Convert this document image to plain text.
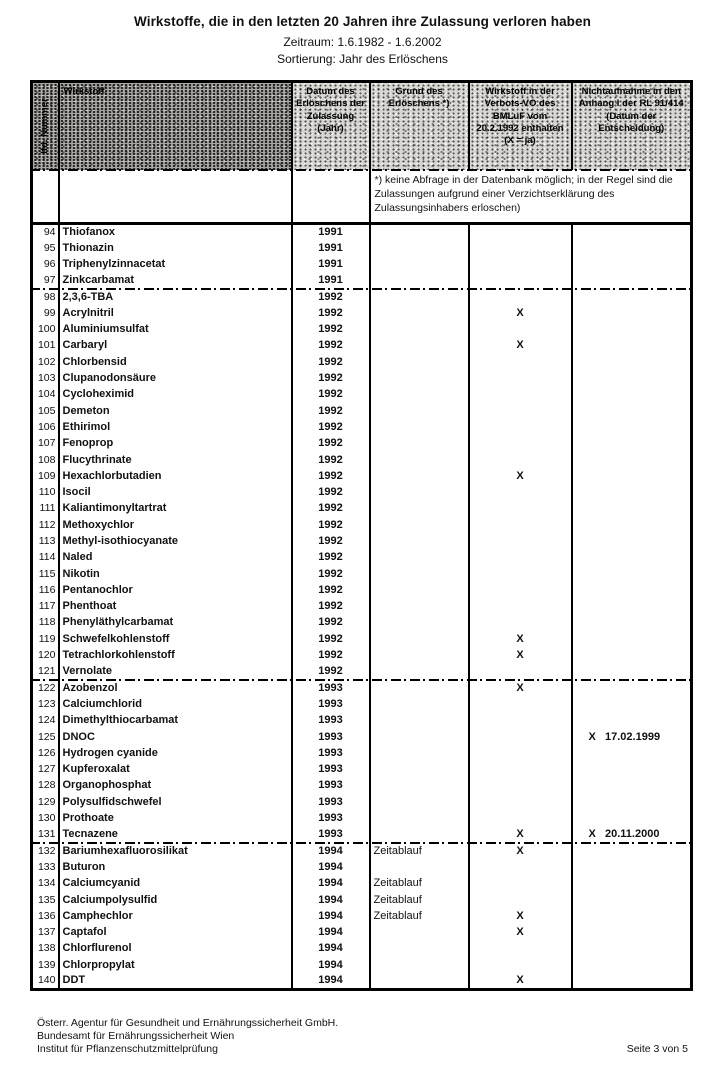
Wirkstoffe, die in den letzten 20 Jahren ihre Zulassung verloren haben
Zeitraum: 1.6.1982 - 1.6.2002
Sortierung: Jahr des Erlöschens
lfd. Nummer	Wirkstoff	Datum des Erlöschens der Zulassung (Jahr)	Grund des Erlöschens *)	Wirkstoff in der Verbots-VO des BMLuF vom 20.2.1992 enthalten (X = ja)	Nichtaufnahme in den Anhang I der RL 91/414 (Datum der Entscheidung)
			*) keine Abfrage in der Datenbank möglich; in der Regel sind die Zulassungen aufgrund einer Verzichtserklärung des Zulassungsinhabers erloschen)		
94	Thiofanox	1991			
95	Thionazin	1991			
96	Triphenylzinnacetat	1991			
97	Zinkcarbamat	1991			
98	2,3,6-TBA	1992			
99	Acrylnitril	1992		X	
100	Aluminiumsulfat	1992			
101	Carbaryl	1992		X	
102	Chlorbensid	1992			
103	Clupanodonsäure	1992			
104	Cycloheximid	1992			
105	Demeton	1992			
106	Ethirimol	1992			
107	Fenoprop	1992			
108	Flucythrinate	1992			
109	Hexachlorbutadien	1992		X	
110	Isocil	1992			
111	Kaliantimonyltartrat	1992			
112	Methoxychlor	1992			
113	Methyl-isothiocyanate	1992			
114	Naled	1992			
115	Nikotin	1992			
116	Pentanochlor	1992			
117	Phenthoat	1992			
118	Phenyläthylcarbamat	1992			
119	Schwefelkohlenstoff	1992		X	
120	Tetrachlorkohlenstoff	1992		X	
121	Vernolate	1992			
122	Azobenzol	1993		X	
123	Calciumchlorid	1993			
124	Dimethylthiocarbamat	1993			
125	DNOC	1993			X   17.02.1999
126	Hydrogen cyanide	1993			
127	Kupferoxalat	1993			
128	Organophosphat	1993			
129	Polysulfidschwefel	1993			
130	Prothoate	1993			
131	Tecnazene	1993		X	X   20.11.2000
132	Bariumhexafluorosilikat	1994	Zeitablauf	X	
133	Buturon	1994			
134	Calciumcyanid	1994	Zeitablauf		
135	Calciumpolysulfid	1994	Zeitablauf		
136	Camphechlor	1994	Zeitablauf	X	
137	Captafol	1994		X	
138	Chlorflurenol	1994			
139	Chlorpropylat	1994			
140	DDT	1994		X	
Österr. Agentur für Gesundheit und Ernährungssicherheit GmbH.
Bundesamt für Ernährungssicherheit Wien
Institut für Pflanzenschutzmittelprüfung	Seite 3 von 5
